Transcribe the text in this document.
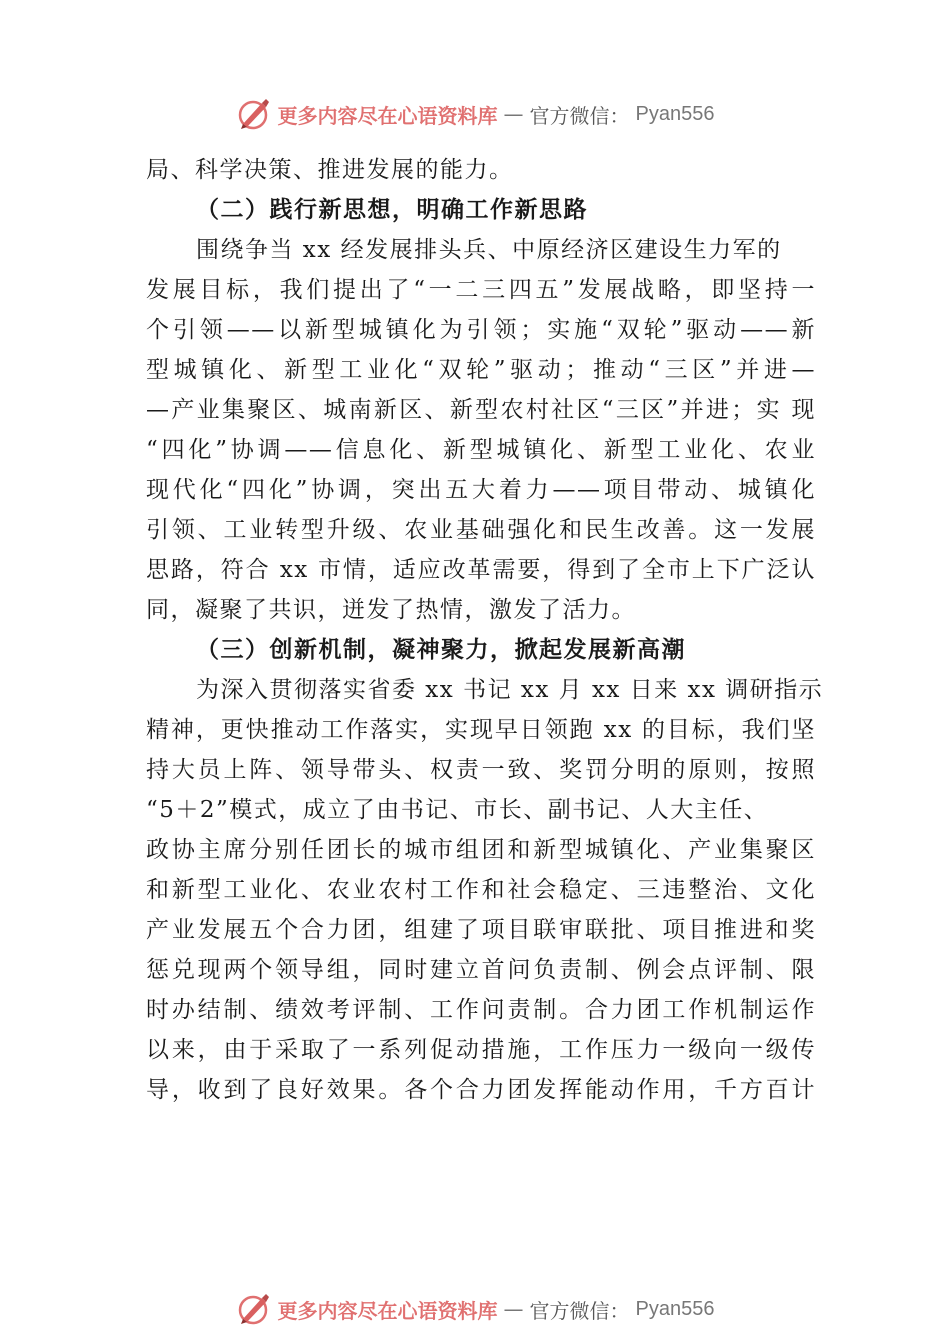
更多内容尽在心语资料库 — 官方微信： Pyan556
局、科学决策、推进发展的能力。
（二）践行新思想，明确工作新思路
围绕争当 xx 经发展排头兵、中原经济区建设生力军的
发展目标，我们提出了“一二三四五”发展战略，即坚持一
个引领——以新型城镇化为引领；实施“双轮”驱动——新
型城镇化、新型工业化“双轮”驱动；推动“三区”并进—
—产业集聚区、城南新区、新型农村社区“三区”并进；实 现
“四化”协调——信息化、新型城镇化、新型工业化、农业
现代化“四化”协调，突出五大着力——项目带动、城镇化
引领、工业转型升级、农业基础强化和民生改善。这一发展
思路，符合 xx 市情，适应改革需要，得到了全市上下广泛认
同，凝聚了共识，迸发了热情，激发了活力。
（三）创新机制，凝神聚力，掀起发展新高潮
为深入贯彻落实省委 xx 书记 xx 月 xx 日来 xx 调研指示
精神，更快推动工作落实，实现早日领跑 xx 的目标，我们坚
持大员上阵、领导带头、权责一致、奖罚分明的原则，按照
“5＋2”模式，成立了由书记、市长、副书记、人大主任、
政协主席分别任团长的城市组团和新型城镇化、产业集聚区
和新型工业化、农业农村工作和社会稳定、三违整治、文化
产业发展五个合力团，组建了项目联审联批、项目推进和奖
惩兑现两个领导组，同时建立首问负责制、例会点评制、限
时办结制、绩效考评制、工作问责制。合力团工作机制运作
以来，由于采取了一系列促动措施，工作压力一级向一级传
导，收到了良好效果。各个合力团发挥能动作用，千方百计
更多内容尽在心语资料库 — 官方微信： Pyan556
